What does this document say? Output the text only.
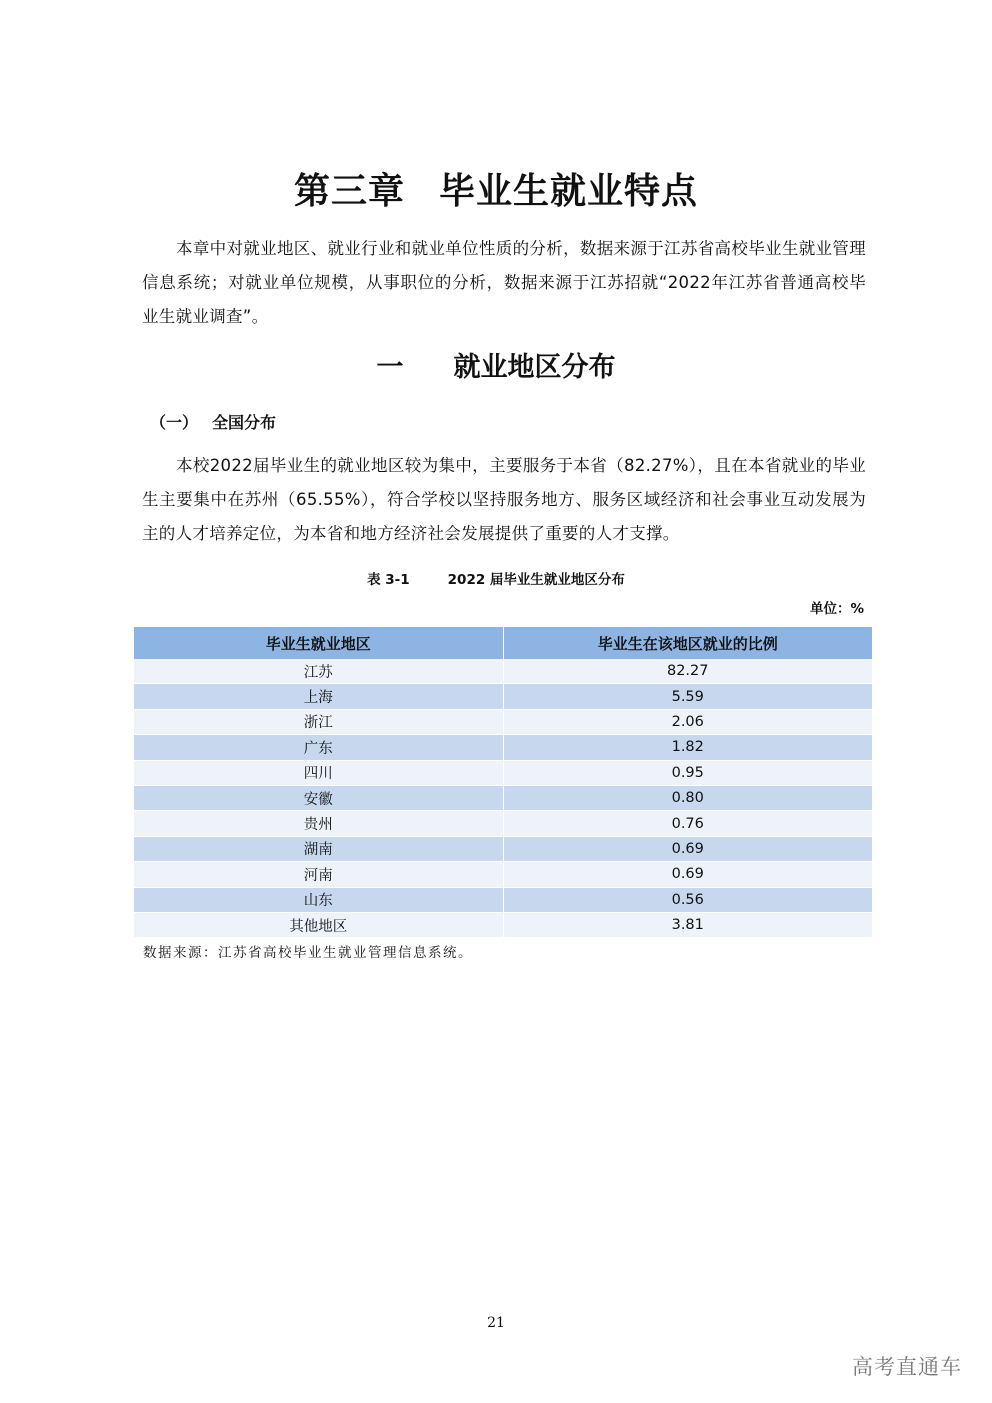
第三章 毕业生就业特点

本章中对就业地区、就业行业和就业单位性质的分析，数据来源于江苏省高校毕业生就业管理信息系统；对就业单位规模，从事职位的分析，数据来源于江苏招就“2022年江苏省普通高校毕业生就业调查”。

一 就业地区分布
（一） 全国分布

本校2022届毕业生的就业地区较为集中，主要服务于本省（82.27%），且在本省就业的毕业生主要集中在苏州（65.55%），符合学校以坚持服务地方、服务区域经济和社会事业互动发展为主的人才培养定位，为本省和地方经济社会发展提供了重要的人才支撑。

表 3-1	2022 届毕业生就业地区分布
单位：%
毕业生就业地区	毕业生在该地区就业的比例
江苏	82.27
上海	5.59
浙江	2.06
广东	1.82
四川	0.95
安徽	0.80
贵州	0.76
湖南	0.69
河南	0.69
山东	0.56
其他地区	3.81
数据来源：江苏省高校毕业生就业管理信息系统。
21
高考直通车
